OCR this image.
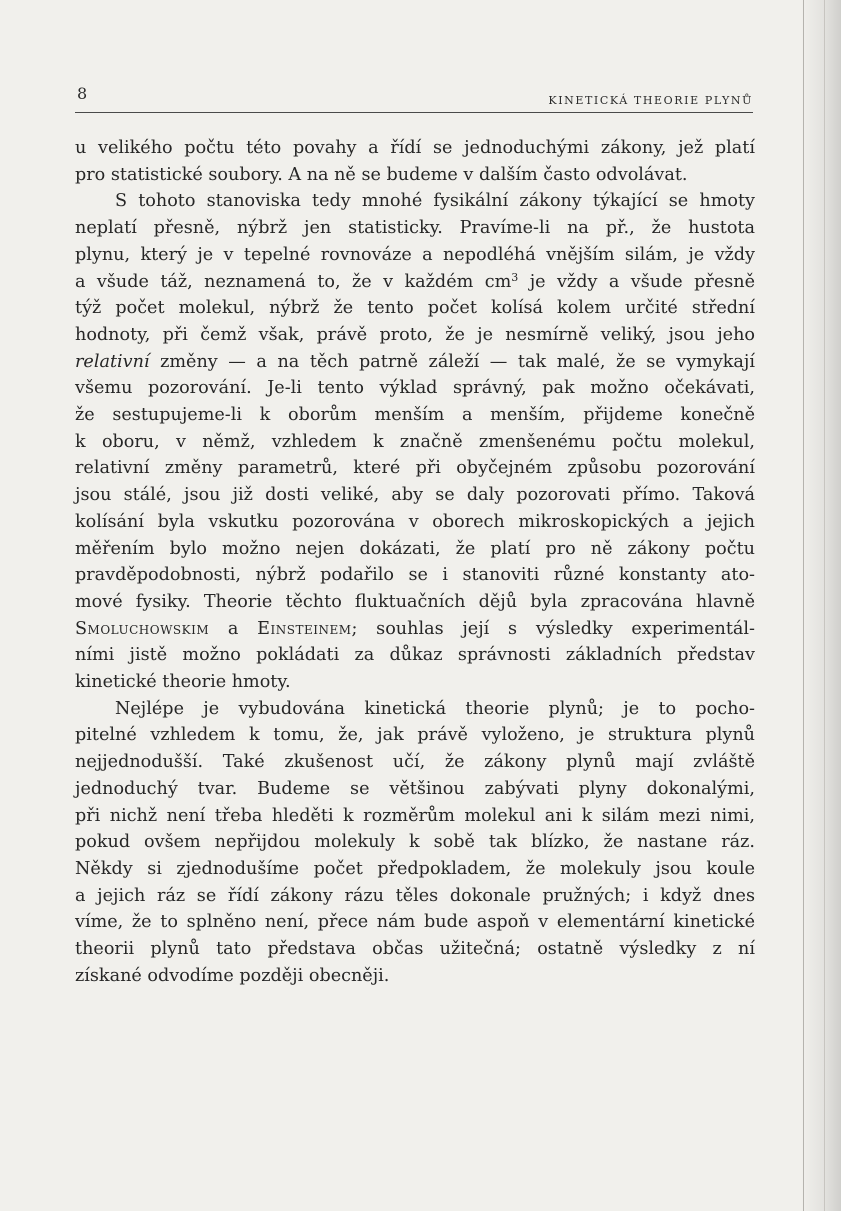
8	KINETICKÁ THEORIE PLYNŮ
u velikého počtu této povahy a řídí se jednoduchými zákony, jež platí
pro statistické soubory. A na ně se budeme v dalším často odvolávat.
S tohoto stanoviska tedy mnohé fysikální zákony týkající se hmoty
neplatí přesně, nýbrž jen statisticky. Pravíme-li na př., že hustota
plynu, který je v tepelné rovnováze a nepodléhá vnějším silám, je vždy
a všude táž, neznamená to, že v každém $cm^3$ je vždy a všude přesně
týž počet molekul, nýbrž že tento počet kolísá kolem určité střední
hodnoty, při čemž však, právě proto, že je nesmírně veliký, jsou jeho
relativní změny — a na těch patrně záleží — tak malé, že se vymykají
všemu pozorování. Je-li tento výklad správný, pak možno očekávati,
že sestupujeme-li k oborům menším a menším, přijdeme konečně
k oboru, v němž, vzhledem k značně zmenšenému počtu molekul,
relativní změny parametrů, které při obyčejném způsobu pozorování
jsou stálé, jsou již dosti veliké, aby se daly pozorovati přímo. Taková
kolísání byla vskutku pozorována v oborech mikroskopických a jejich
měřením bylo možno nejen dokázati, že platí pro ně zákony počtu
pravděpodobnosti, nýbrž podařilo se i stanoviti různé konstanty ato-
mové fysiky. Theorie těchto fluktuačních dějů byla zpracována hlavně
Smoluchowskim a Einsteinem; souhlas její s výsledky experimentál-
ními jistě možno pokládati za důkaz správnosti základních představ
kinetické theorie hmoty.
Nejlépe je vybudována kinetická theorie plynů; je to pocho-
pitelné vzhledem k tomu, že, jak právě vyloženo, je struktura plynů
nejjednodušší. Také zkušenost učí, že zákony plynů mají zvláště
jednoduchý tvar. Budeme se většinou zabývati plyny dokonalými,
při nichž není třeba hleděti k rozměrům molekul ani k silám mezi nimi,
pokud ovšem nepřijdou molekuly k sobě tak blízko, že nastane ráz.
Někdy si zjednodušíme počet předpokladem, že molekuly jsou koule
a jejich ráz se řídí zákony rázu těles dokonale pružných; i když dnes
víme, že to splněno není, přece nám bude aspoň v elementární kinetické
theorii plynů tato představa občas užitečná; ostatně výsledky z ní
získané odvodíme později obecněji.
